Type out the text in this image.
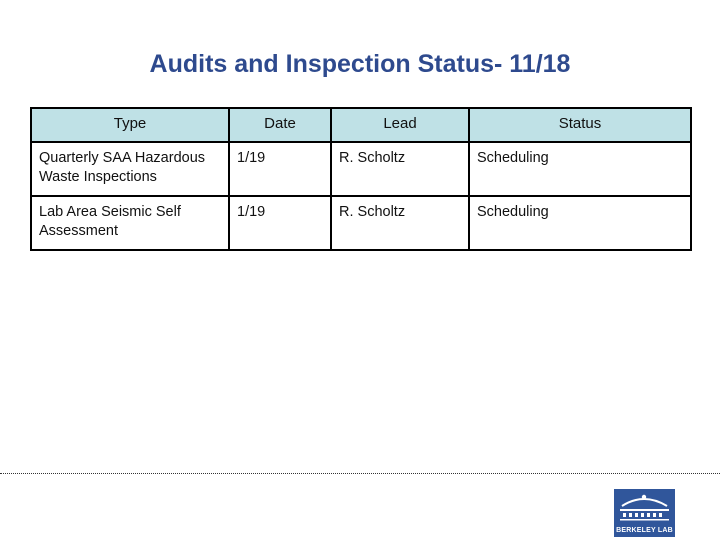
Audits and Inspection Status- 11/18
Type	Date	Lead	Status
Quarterly SAA Hazardous Waste Inspections	1/19	R. Scholtz	Scheduling
Lab Area Seismic Self Assessment	1/19	R. Scholtz	Scheduling
BERKELEY LAB
